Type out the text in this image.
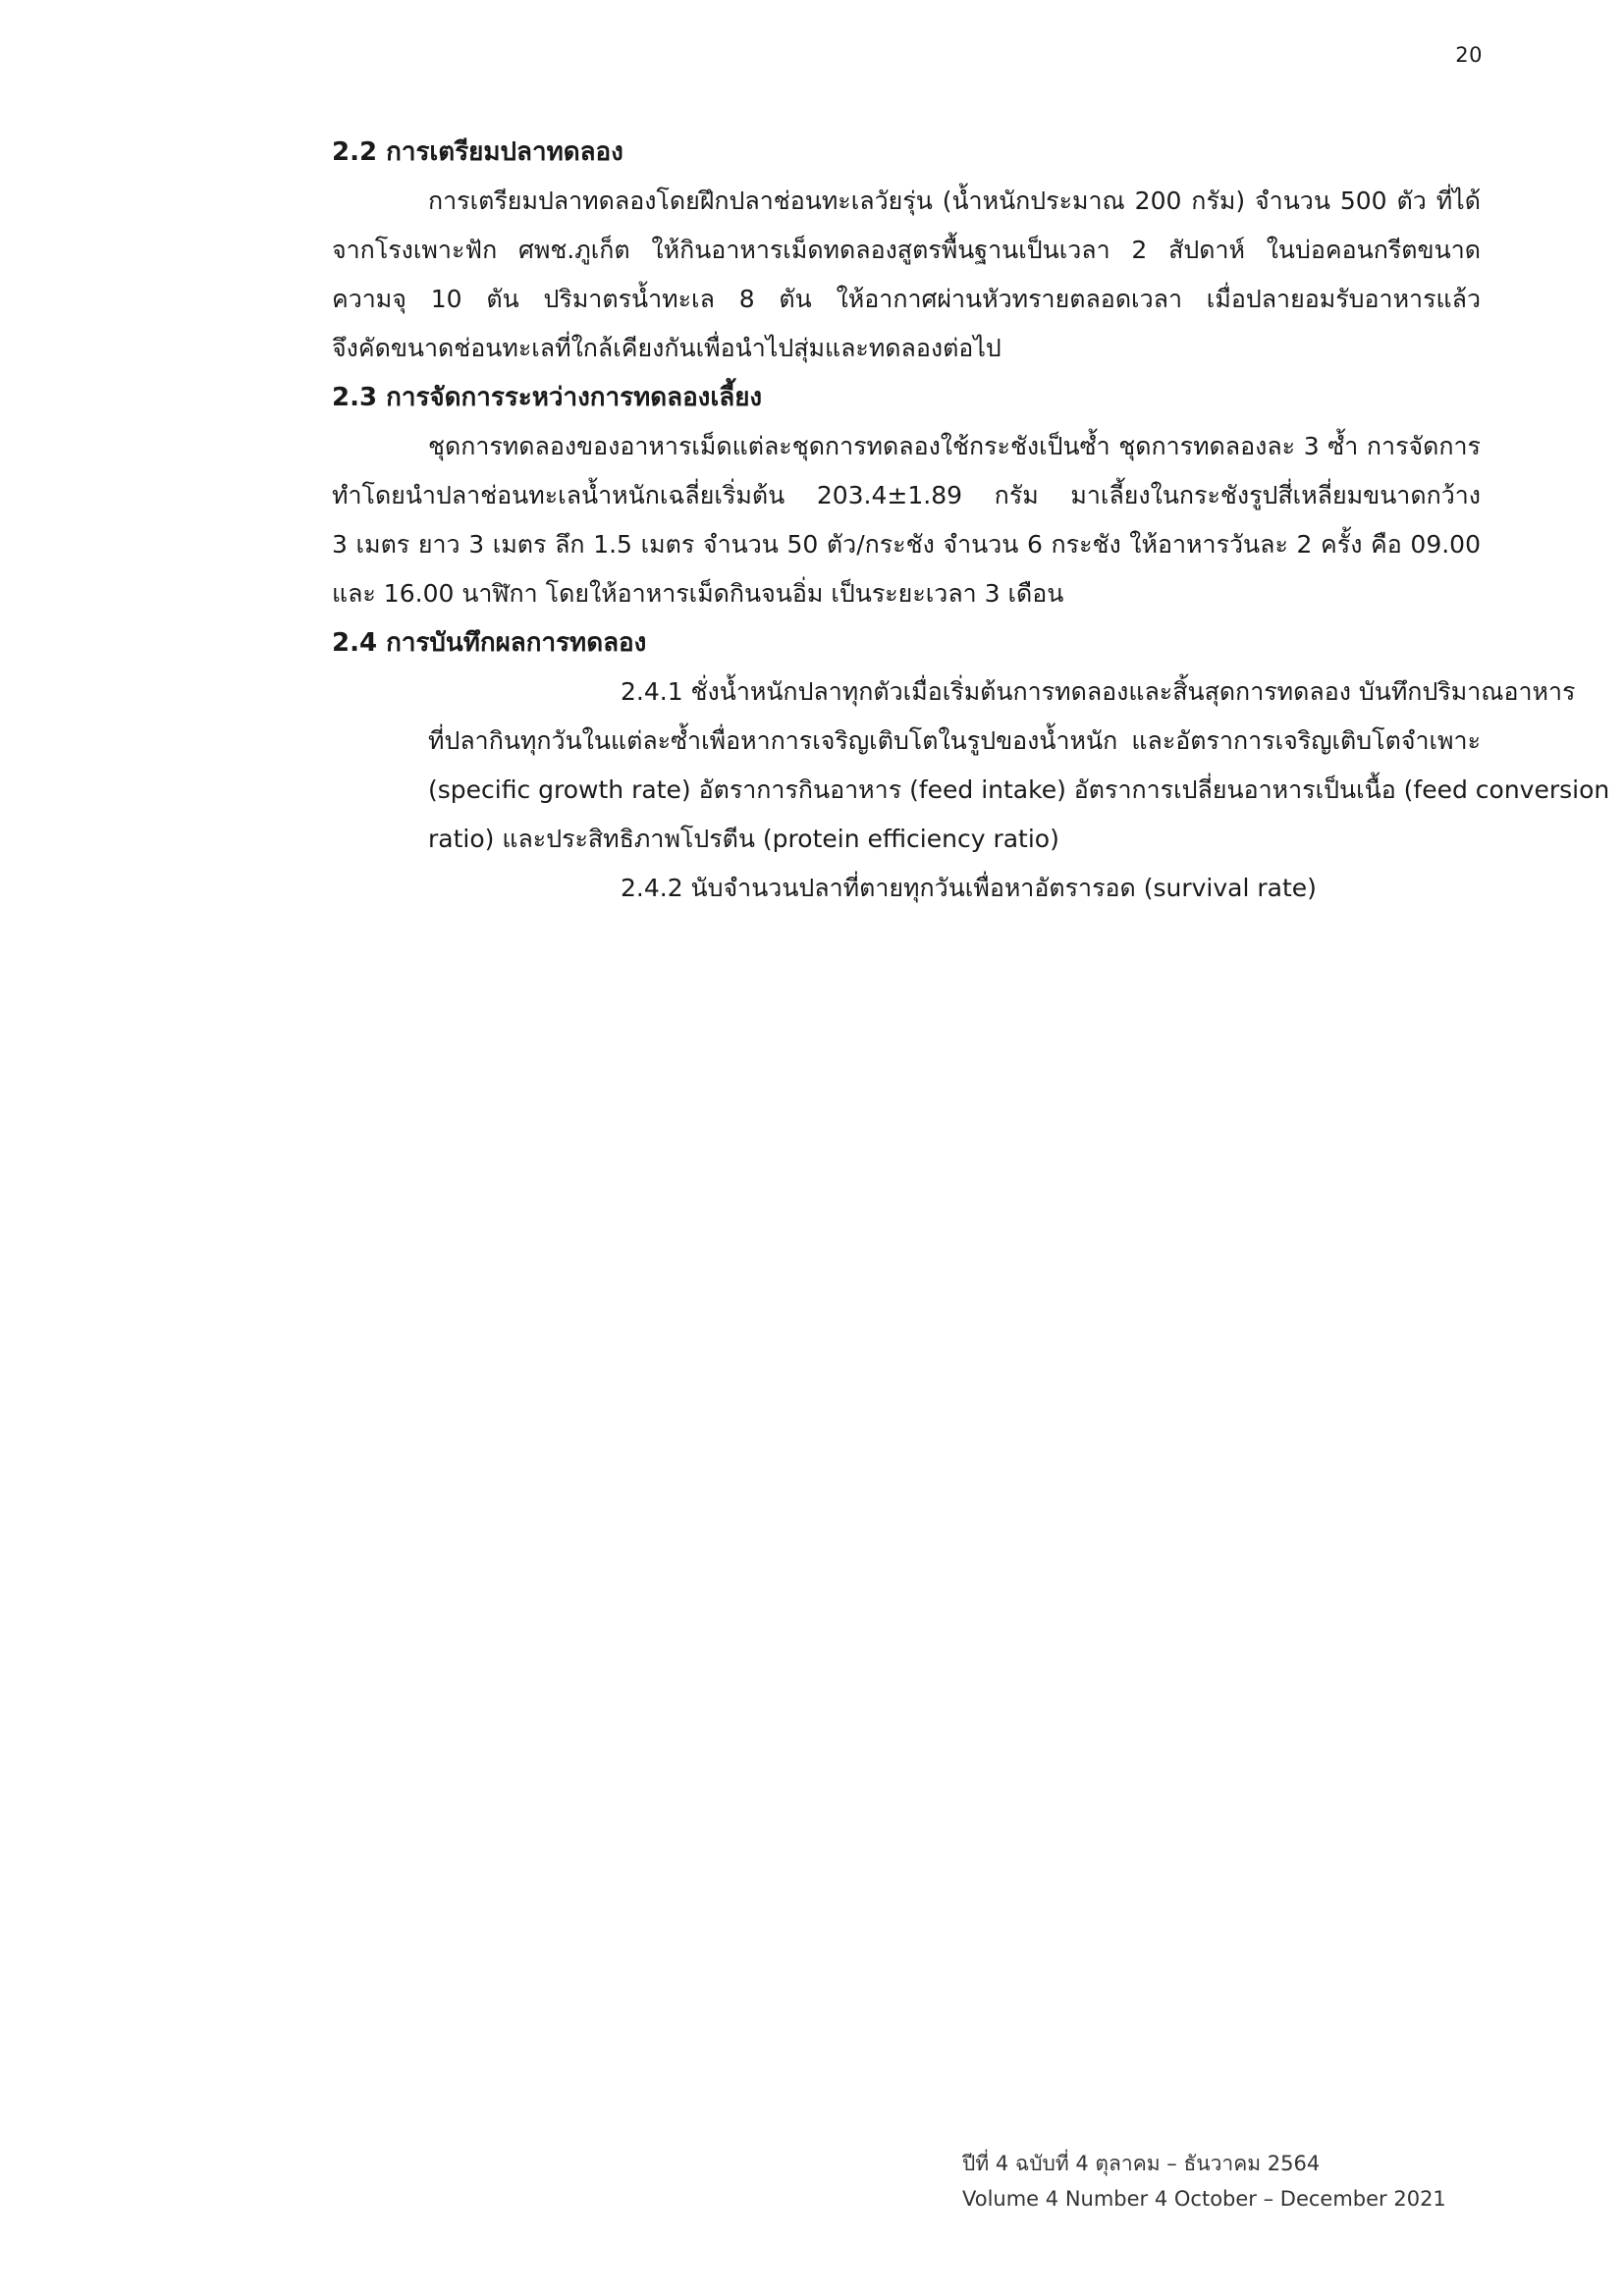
20
2.2 การเตรียมปลาทดลอง

การเตรียมปลาทดลองโดยฝึกปลาช่อนทะเลวัยรุ่น (น้ำหนักประมาณ 200 กรัม) จำนวน 500 ตัว ที่ได้
จากโรงเพาะฟัก ศพช.ภูเก็ต ให้กินอาหารเม็ดทดลองสูตรพื้นฐานเป็นเวลา 2 สัปดาห์ ในบ่อคอนกรีตขนาด
ความจุ 10 ตัน ปริมาตรน้ำทะเล 8 ตัน ให้อากาศผ่านหัวทรายตลอดเวลา เมื่อปลายอมรับอาหารแล้ว
จึงคัดขนาดช่อนทะเลที่ใกล้เคียงกันเพื่อนำไปสุ่มและทดลองต่อไป

2.3 การจัดการระหว่างการทดลองเลี้ยง

ชุดการทดลองของอาหารเม็ดแต่ละชุดการทดลองใช้กระชังเป็นซ้ำ ชุดการทดลองละ 3 ซ้ำ การจัดการ
ทำโดยนำปลาช่อนทะเลน้ำหนักเฉลี่ยเริ่มต้น 203.4±1.89 กรัม มาเลี้ยงในกระชังรูปสี่เหลี่ยมขนาดกว้าง
3 เมตร ยาว 3 เมตร ลึก 1.5 เมตร จำนวน 50 ตัว/กระชัง จำนวน 6 กระชัง ให้อาหารวันละ 2 ครั้ง คือ 09.00
และ 16.00 นาฬิกา โดยให้อาหารเม็ดกินจนอิ่ม เป็นระยะเวลา 3 เดือน

2.4 การบันทึกผลการทดลอง

2.4.1 ชั่งน้ำหนักปลาทุกตัวเมื่อเริ่มต้นการทดลองและสิ้นสุดการทดลอง บันทึกปริมาณอาหาร
ที่ปลากินทุกวันในแต่ละซ้ำเพื่อหาการเจริญเติบโตในรูปของน้ำหนัก และอัตราการเจริญเติบโตจำเพาะ
(specific growth rate) อัตราการกินอาหาร (feed intake) อัตราการเปลี่ยนอาหารเป็นเนื้อ (feed conversion
ratio) และประสิทธิภาพโปรตีน (protein efficiency ratio)

2.4.2 นับจำนวนปลาที่ตายทุกวันเพื่อหาอัตรารอด (survival rate)

ปีที่ 4 ฉบับที่ 4 ตุลาคม – ธันวาคม 2564
Volume 4 Number 4 October – December 2021
